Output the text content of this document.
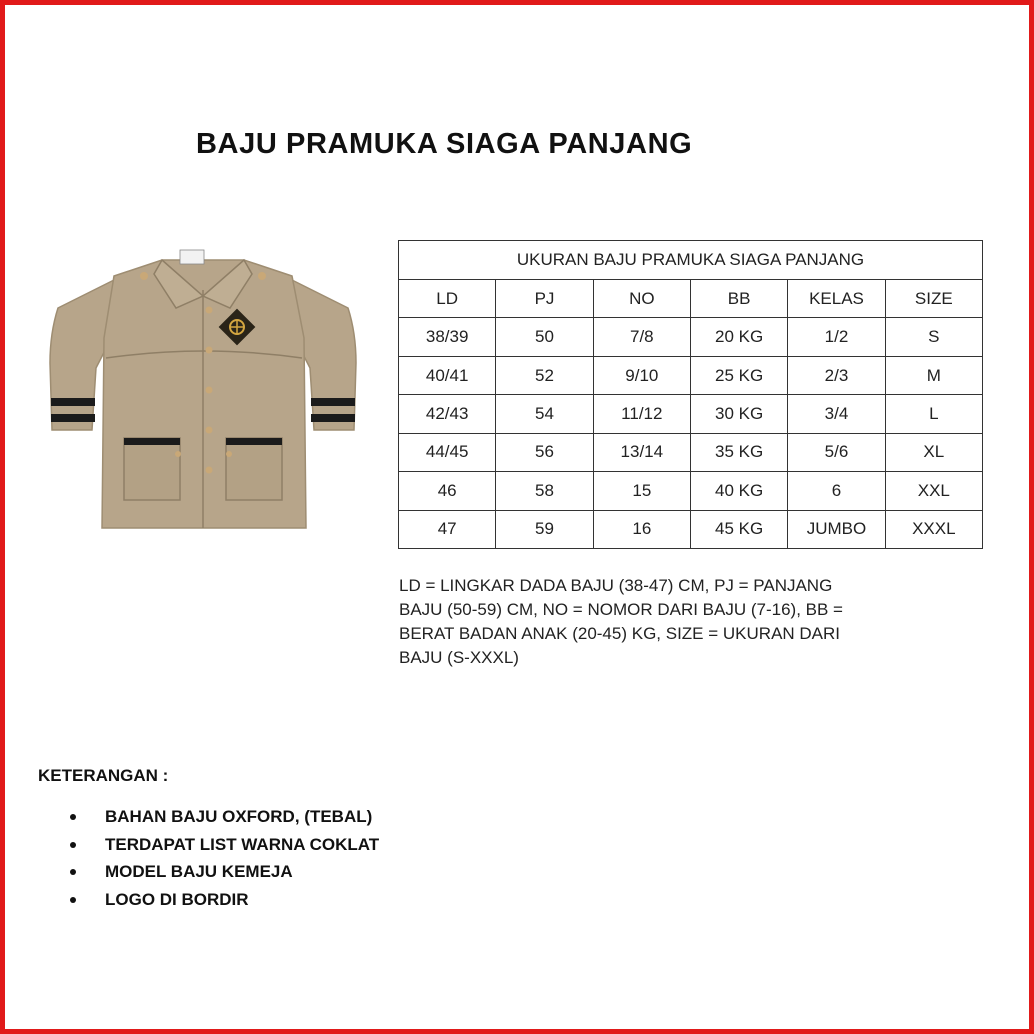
BAJU PRAMUKA SIAGA PANJANG
UKURAN BAJU PRAMUKA SIAGA PANJANG					
LD	PJ	NO	BB	KELAS	SIZE
38/39	50	7/8	20 KG	1/2	S
40/41	52	9/10	25 KG	2/3	M
42/43	54	11/12	30 KG	3/4	L
44/45	56	13/14	35 KG	5/6	XL
46	58	15	40 KG	6	XXL
47	59	16	45 KG	JUMBO	XXXL

LD = LINGKAR DADA BAJU (38-47) CM, PJ = PANJANG BAJU (50-59) CM, NO = NOMOR DARI BAJU (7-16), BB = BERAT BADAN ANAK (20-45) KG, SIZE = UKURAN DARI BAJU (S-XXXL)

KETERANGAN :
BAHAN BAJU OXFORD, (TEBAL)
TERDAPAT LIST WARNA COKLAT
MODEL BAJU KEMEJA
LOGO DI BORDIR
